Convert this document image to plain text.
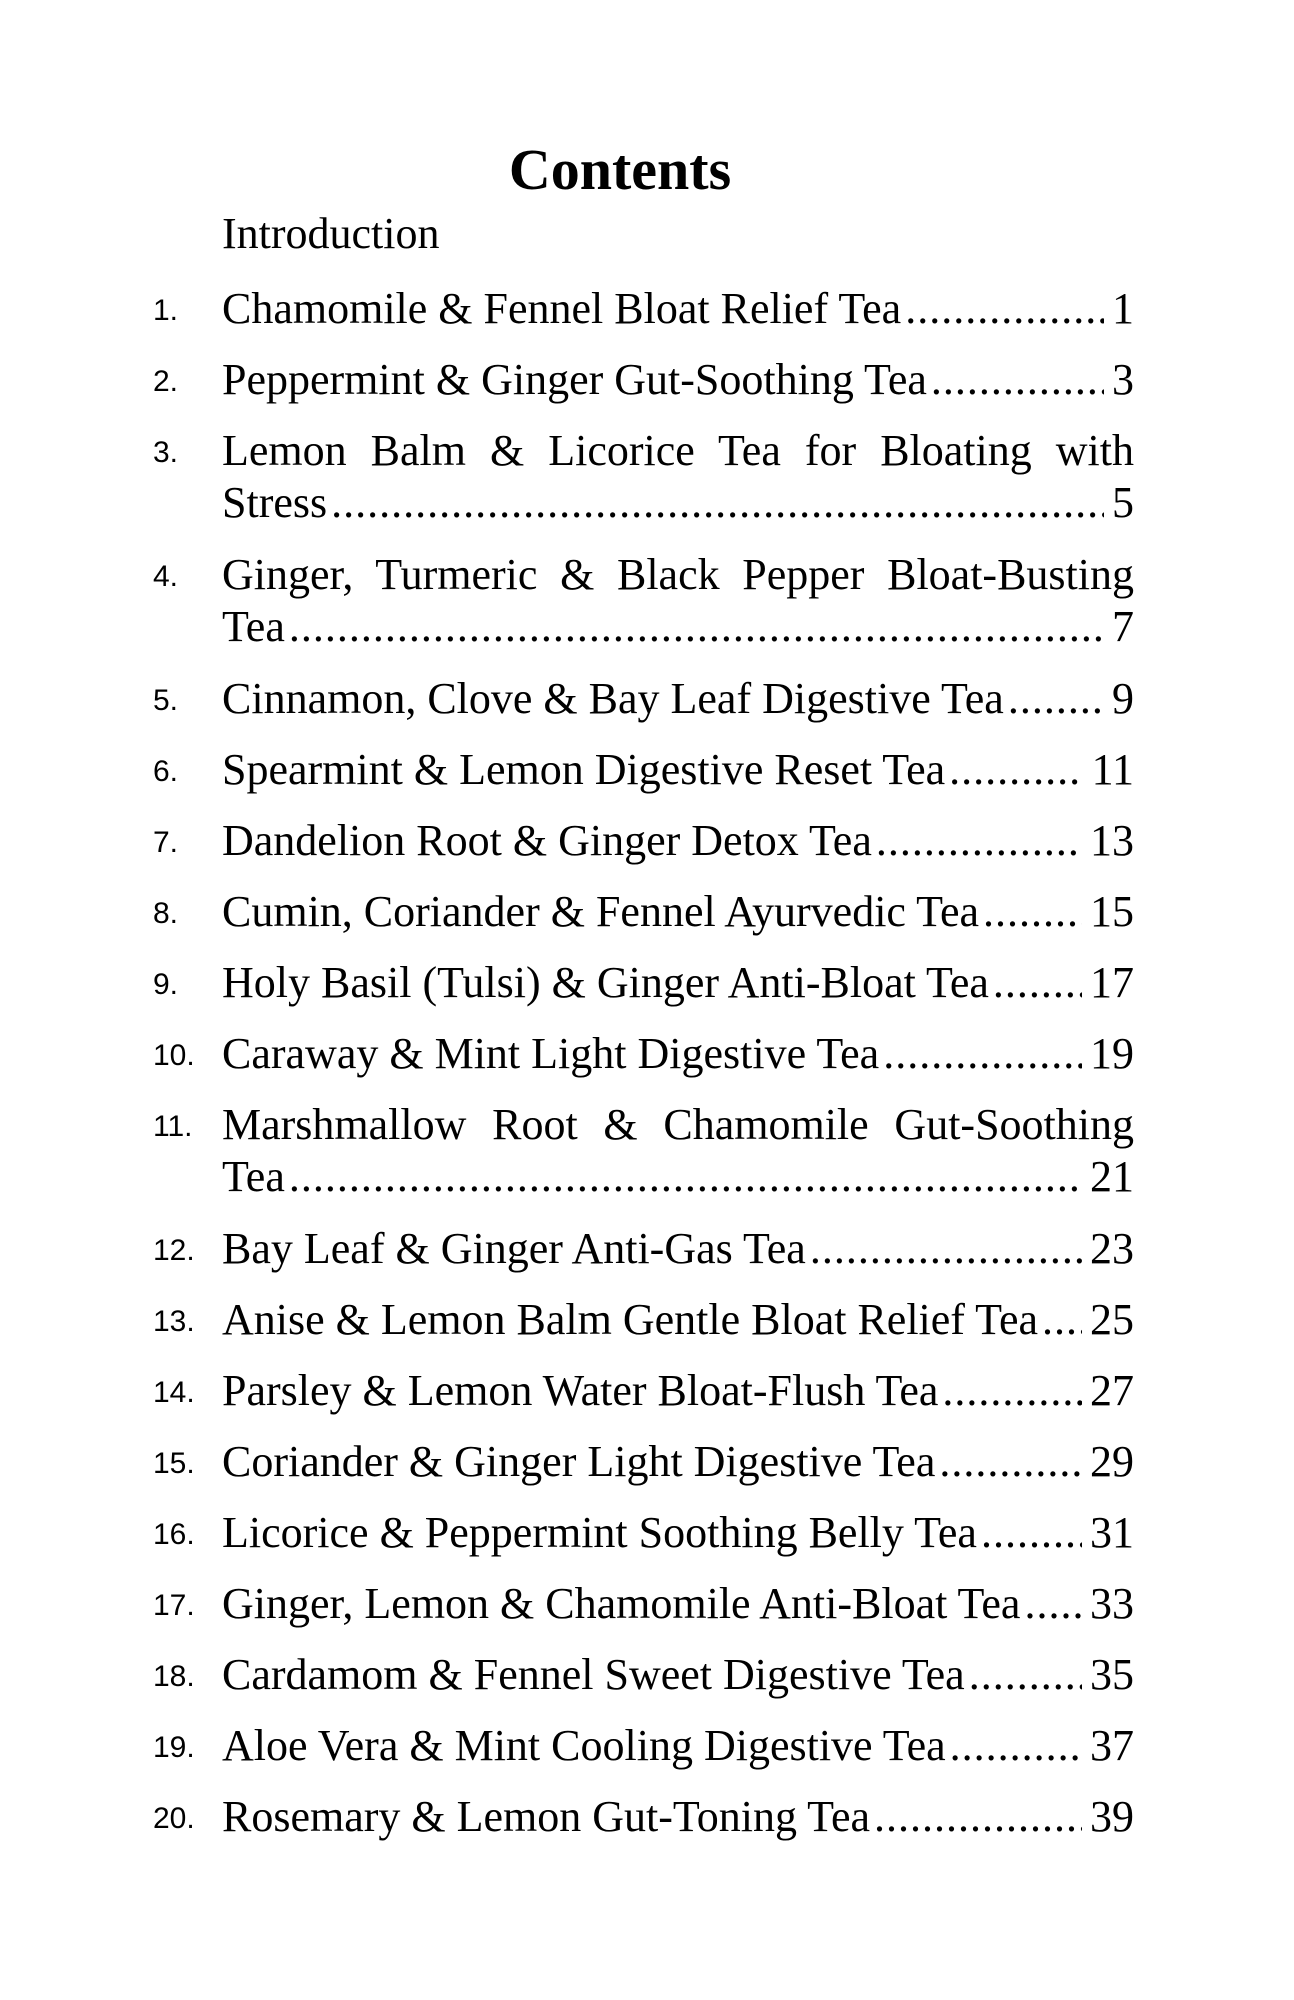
Contents
Introduction
1. Chamomile & Fennel Bloat Relief Tea .....	1
2. Peppermint & Ginger Gut-Soothing Tea .....	3
3. Lemon Balm & Licorice Tea for Bloating with
Stress .....	5
4. Ginger, Turmeric & Black Pepper Bloat-Busting
Tea .....	7
5. Cinnamon, Clove & Bay Leaf Digestive Tea ..... 9
6. Spearmint & Lemon Digestive Reset Tea .....	11
7. Dandelion Root & Ginger Detox Tea .....	13
8. Cumin, Coriander & Fennel Ayurvedic Tea .....	15
9. Holy Basil (Tulsi) & Ginger Anti-Bloat Tea ..... 17
10. Caraway & Mint Light Digestive Tea .....	19
11. Marshmallow Root & Chamomile Gut-Soothing
Tea .....	21
12. Bay Leaf & Ginger Anti-Gas Tea .....	23
13. Anise & Lemon Balm Gentle Bloat Relief Tea ..... 25
14. Parsley & Lemon Water Bloat-Flush Tea .....	27
15. Coriander & Ginger Light Digestive Tea .....	29
16. Licorice & Peppermint Soothing Belly Tea .....	31
17. Ginger, Lemon & Chamomile Anti-Bloat Tea ..... 33
18. Cardamom & Fennel Sweet Digestive Tea .....	35
19. Aloe Vera & Mint Cooling Digestive Tea .....	37
20. Rosemary & Lemon Gut-Toning Tea .....	39
